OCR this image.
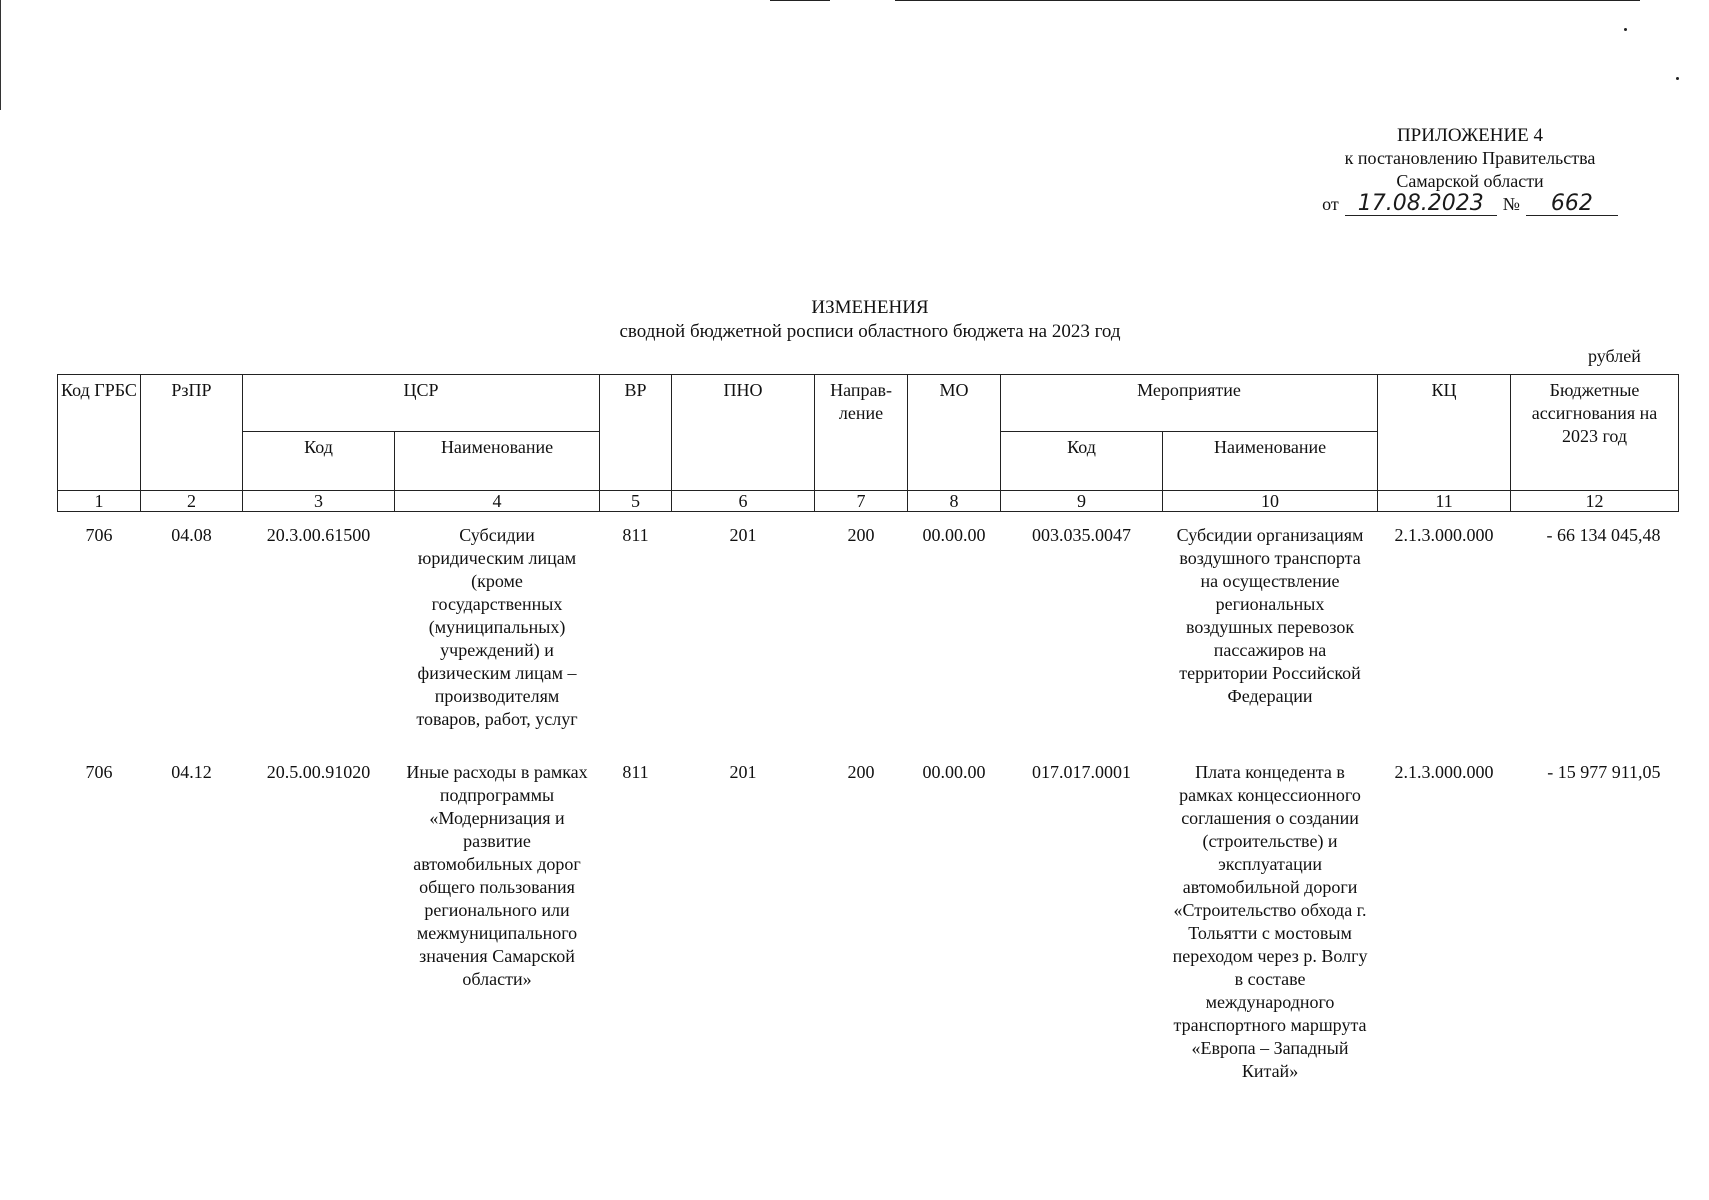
ПРИЛОЖЕНИЕ 4
к постановлению Правительства
Самарской области
от 17.08.2023	№	662
ИЗМЕНЕНИЯ
сводной бюджетной росписи областного бюджета на 2023 год
рублей
Код ГРБС	РзПР	ЦСР		ВР	ПНО	Направ-ление	МО	Мероприятие		КЦ	Бюджетные ассигнования на 2023 год
		Код	Наименование					Код	Наименование		
1	2	3	4	5	6	7	8	9	10	11	12
706	04.08	20.3.00.61500	Субсидии юридическим лицам (кроме государственных (муниципальных) учреждений) и физическим лицам – производителям товаров, работ, услуг	811	201	200	00.00.00	003.035.0047	Субсидии организациям воздушного транспорта на осуществление региональных воздушных перевозок пассажиров на территории Российской Федерации	2.1.3.000.000	- 66 134 045,48
706	04.12	20.5.00.91020	Иные расходы в рамках подпрограммы «Модернизация и развитие автомобильных дорог общего пользования регионального или межмуниципального значения Самарской области»	811	201	200	00.00.00	017.017.0001	Плата концедента в рамках концессионного соглашения о создании (строительстве) и эксплуатации автомобильной дороги «Строительство обхода г. Тольятти с мостовым переходом через р. Волгу в составе международного транспортного маршрута «Европа – Западный Китай»	2.1.3.000.000	- 15 977 911,05
